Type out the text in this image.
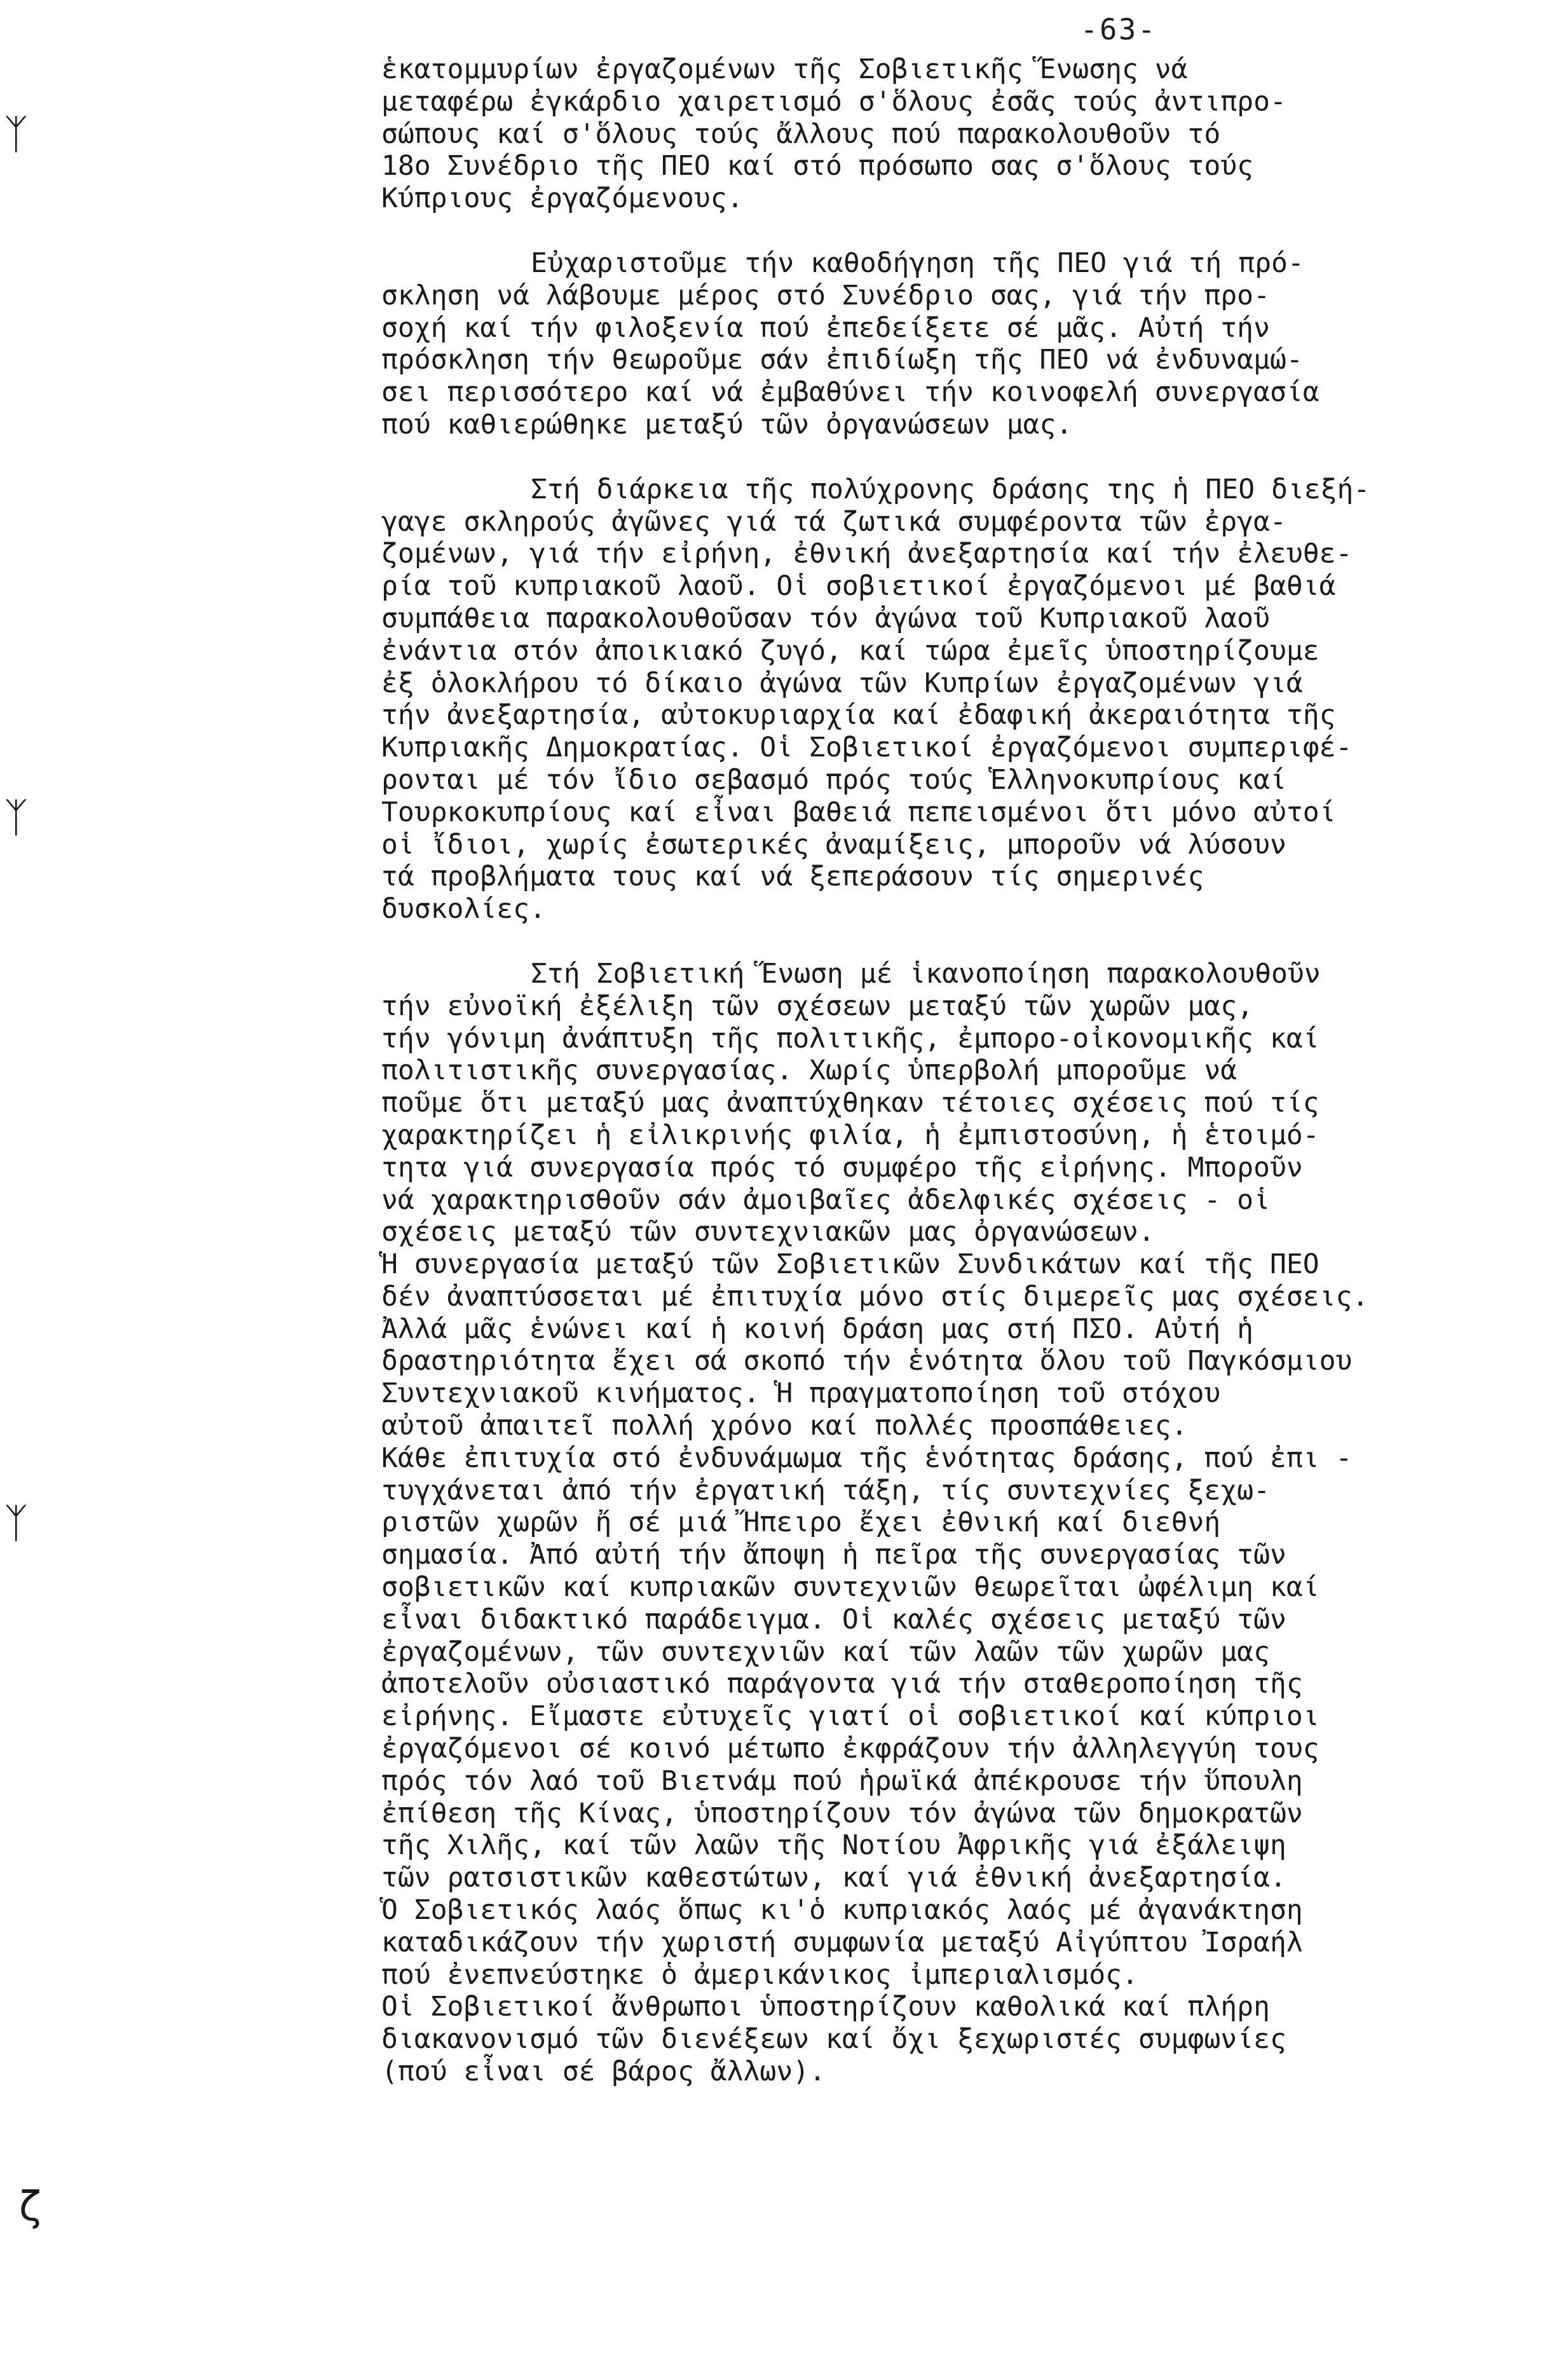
-63-
ᛉ
ᛉ
ᛉ
ζ
ἑκατομμυρίων ἐργαζομένων τῆς Σοβιετικῆς Ἕνωσης νά
μεταφέρω ἐγκάρδιο χαιρετισμό σ'ὅλους ἐσᾶς τούς ἀντιπρο-
σώπους καί σ'ὅλους τούς ἄλλους πού παρακολουθοῦν τό
18ο Συνέδριο τῆς ΠΕΟ καί στό πρόσωπο σας σ'ὅλους τούς
Κύπριους ἐργαζόμενους.
Εὐχαριστοῦμε τήν καθοδήγηση τῆς ΠΕΟ γιά τή πρό-
σκληση νά λάβουμε μέρος στό Συνέδριο σας, γιά τήν προ-
σοχή καί τήν φιλοξενία πού ἐπεδείξετε σέ μᾶς. Αὐτή τήν
πρόσκληση τήν θεωροῦμε σάν ἐπιδίωξη τῆς ΠΕΟ νά ἐνδυναμώ-
σει περισσότερο καί νά ἐμβαθύνει τήν κοινοφελή συνεργασία
πού καθιερώθηκε μεταξύ τῶν ὀργανώσεων μας.
Στή διάρκεια τῆς πολύχρονης δράσης της ἡ ΠΕΟ διεξή-
γαγε σκληρούς ἀγῶνες γιά τά ζωτικά συμφέροντα τῶν ἐργα-
ζομένων, γιά τήν εἰρήνη, ἐθνική ἀνεξαρτησία καί τήν ἐλευθε-
ρία τοῦ κυπριακοῦ λαοῦ. Οἱ σοβιετικοί ἐργαζόμενοι μέ βαθιά
συμπάθεια παρακολουθοῦσαν τόν ἀγώνα τοῦ Κυπριακοῦ λαοῦ
ἐνάντια στόν ἀποικιακό ζυγό, καί τώρα ἐμεῖς ὑποστηρίζουμε
ἐξ ὁλοκλήρου τό δίκαιο ἀγώνα τῶν Κυπρίων ἐργαζομένων γιά
τήν ἀνεξαρτησία, αὐτοκυριαρχία καί ἐδαφική ἀκεραιότητα τῆς
Κυπριακῆς Δημοκρατίας. Οἱ Σοβιετικοί ἐργαζόμενοι συμπεριφέ-
ρονται μέ τόν ἴδιο σεβασμό πρός τούς Ἑλληνοκυπρίους καί
Τουρκοκυπρίους καί εἶναι βαθειά πεπεισμένοι ὅτι μόνο αὐτοί
οἱ ἴδιοι, χωρίς ἐσωτερικές ἀναμίξεις, μποροῦν νά λύσουν
τά προβλήματα τους καί νά ξεπεράσουν τίς σημερινές
δυσκολίες.
Στή Σοβιετική Ἕνωση μέ ἱκανοποίηση παρακολουθοῦν
τήν εὐνοϊκή ἐξέλιξη τῶν σχέσεων μεταξύ τῶν χωρῶν μας,
τήν γόνιμη ἀνάπτυξη τῆς πολιτικῆς, ἐμπορο-οἰκονομικῆς καί
πολιτιστικῆς συνεργασίας. Χωρίς ὑπερβολή μποροῦμε νά
ποῦμε ὅτι μεταξύ μας ἀναπτύχθηκαν τέτοιες σχέσεις πού τίς
χαρακτηρίζει ἡ εἰλικρινής φιλία, ἡ ἐμπιστοσύνη, ἡ ἑτοιμό-
τητα γιά συνεργασία πρός τό συμφέρο τῆς εἰρήνης. Μποροῦν
νά χαρακτηρισθοῦν σάν ἀμοιβαῖες ἀδελφικές σχέσεις - οἱ
σχέσεις μεταξύ τῶν συντεχνιακῶν μας ὀργανώσεων.
Ἡ συνεργασία μεταξύ τῶν Σοβιετικῶν Συνδικάτων καί τῆς ΠΕΟ
δέν ἀναπτύσσεται μέ ἐπιτυχία μόνο στίς διμερεῖς μας σχέσεις.
Ἀλλά μᾶς ἑνώνει καί ἡ κοινή δράση μας στή ΠΣΟ. Αὐτή ἡ
δραστηριότητα ἔχει σά σκοπό τήν ἑνότητα ὅλου τοῦ Παγκόσμιου
Συντεχνιακοῦ κινήματος. Ἡ πραγματοποίηση τοῦ στόχου
αὐτοῦ ἀπαιτεῖ πολλή χρόνο καί πολλές προσπάθειες.
Κάθε ἐπιτυχία στό ἐνδυνάμωμα τῆς ἑνότητας δράσης, πού ἐπι -
τυγχάνεται ἀπό τήν ἐργατική τάξη, τίς συντεχνίες ξεχω-
ριστῶν χωρῶν ἤ σέ μιά Ἤπειρο ἔχει ἐθνική καί διεθνή
σημασία. Ἀπό αὐτή τήν ἄποψη ἡ πεῖρα τῆς συνεργασίας τῶν
σοβιετικῶν καί κυπριακῶν συντεχνιῶν θεωρεῖται ὠφέλιμη καί
εἶναι διδακτικό παράδειγμα. Οἱ καλές σχέσεις μεταξύ τῶν
ἐργαζομένων, τῶν συντεχνιῶν καί τῶν λαῶν τῶν χωρῶν μας
ἀποτελοῦν οὐσιαστικό παράγοντα γιά τήν σταθεροποίηση τῆς
εἰρήνης. Εἴμαστε εὐτυχεῖς γιατί οἱ σοβιετικοί καί κύπριοι
ἐργαζόμενοι σέ κοινό μέτωπο ἐκφράζουν τήν ἀλληλεγγύη τους
πρός τόν λαό τοῦ Βιετνάμ πού ἡρωϊκά ἀπέκρουσε τήν ὕπουλη
ἐπίθεση τῆς Κίνας, ὑποστηρίζουν τόν ἀγώνα τῶν δημοκρατῶν
τῆς Χιλῆς, καί τῶν λαῶν τῆς Νοτίου Ἀφρικῆς γιά ἐξάλειψη
τῶν ρατσιστικῶν καθεστώτων, καί γιά ἐθνική ἀνεξαρτησία.
Ὁ Σοβιετικός λαός ὅπως κι'ὁ κυπριακός λαός μέ ἀγανάκτηση
καταδικάζουν τήν χωριστή συμφωνία μεταξύ Αἰγύπτου Ἰσραήλ
πού ἐνεπνεύστηκε ὁ ἀμερικάνικος ἰμπεριαλισμός.
Οἱ Σοβιετικοί ἄνθρωποι ὑποστηρίζουν καθολικά καί πλήρη
διακανονισμό τῶν διενέξεων καί ὄχι ξεχωριστές συμφωνίες
(πού εἶναι σέ βάρος ἄλλων).
